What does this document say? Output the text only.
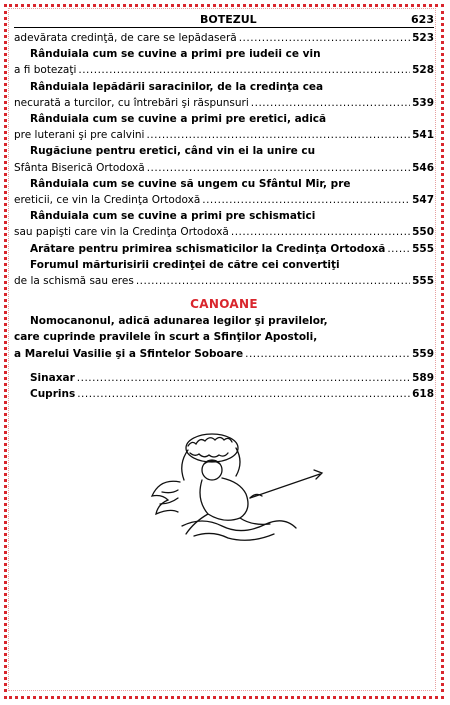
BOTEZUL	623
adevărata credinţă, de care se lepădaseră .....	523
Rânduiala cum se cuvine a primi pre iudeii ce vin
a fi botezaţi .....	528
Rânduiala lepădării saracinilor, de la credinţa cea
necurată a turcilor, cu întrebări şi răspunsuri .....	539
Rânduiala cum se cuvine a primi pre eretici, adică
pre luterani şi pre calvini .....	541
Rugăciune pentru eretici, când vin ei la unire cu
Sfânta Biserică Ortodoxă .....	546
Rânduiala cum se cuvine să ungem cu Sfântul Mir, pre
ereticii, ce vin la Credinţa Ortodoxă .....	547
Rânduiala cum se cuvine a primi pre schismatici
sau papişti care vin la Credinţa Ortodoxă .....	550
Arătare pentru primirea schismaticilor la Credinţa Ortodoxă .....	555
Forumul mărturisirii credinţei de către cei convertiţi
de la schismă sau eres .....	555
CANOANE
Nomocanonul, adică adunarea legilor şi pravilelor,
care cuprinde pravilele în scurt a Sfinţilor Apostoli,
a Marelui Vasilie şi a Sfintelor Soboare .....	559
Sinaxar .....	589
Cuprins .....	618
